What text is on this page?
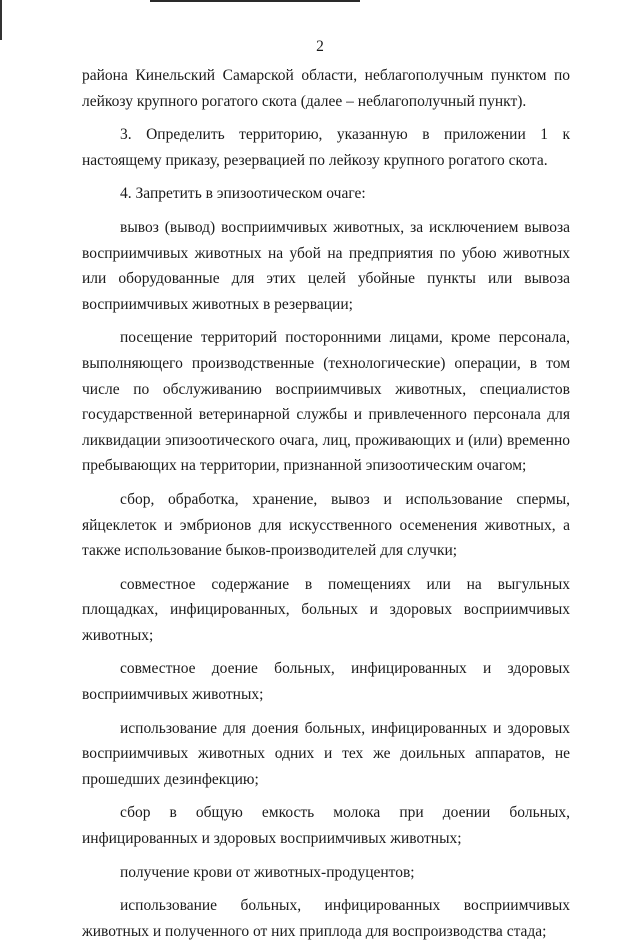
2

района Кинельский Самарской области, неблагополучным пунктом по лейкозу крупного рогатого скота (далее – неблагополучный пункт).

3. Определить территорию, указанную в приложении 1 к настоящему приказу, резервацией по лейкозу крупного рогатого скота.

4. Запретить в эпизоотическом очаге:

вывоз (вывод) восприимчивых животных, за исключением вывоза восприимчивых животных на убой на предприятия по убою животных или оборудованные для этих целей убойные пункты или вывоза восприимчивых животных в резервации;

посещение территорий посторонними лицами, кроме персонала, выполняющего производственные (технологические) операции, в том числе по обслуживанию восприимчивых животных, специалистов государственной ветеринарной службы и привлеченного персонала для ликвидации эпизоотического очага, лиц, проживающих и (или) временно пребывающих на территории, признанной эпизоотическим очагом;

сбор, обработка, хранение, вывоз и использование спермы, яйцеклеток и эмбрионов для искусственного осеменения животных, а также использование быков-производителей для случки;

совместное содержание в помещениях или на выгульных площадках, инфицированных, больных и здоровых восприимчивых животных;

совместное доение больных, инфицированных и здоровых восприимчивых животных;

использование для доения больных, инфицированных и здоровых восприимчивых животных одних и тех же доильных аппаратов, не прошедших дезинфекцию;

сбор в общую емкость молока при доении больных, инфицированных и здоровых восприимчивых животных;

получение крови от животных-продуцентов;

использование больных, инфицированных восприимчивых животных и полученного от них приплода для воспроизводства стада;
